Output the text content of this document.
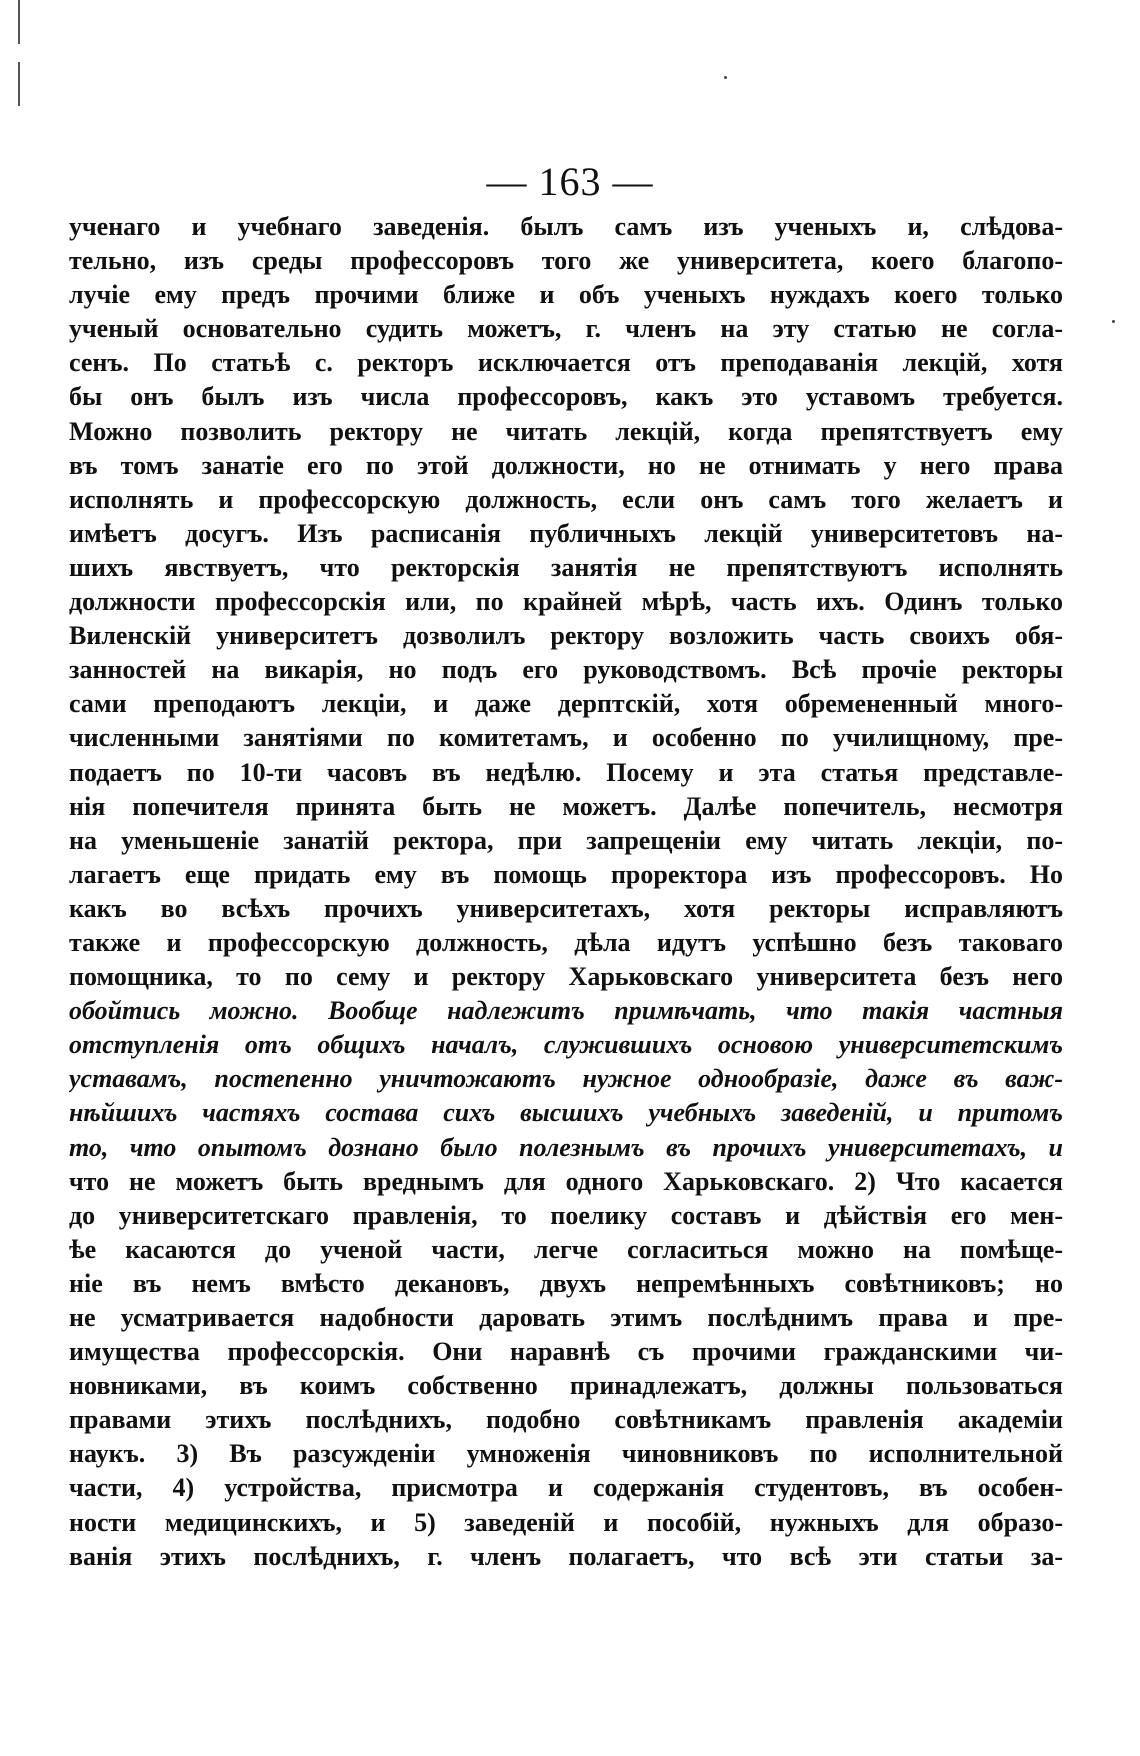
— 163 —
ученаго и учебнаго заведенія. былъ самъ изъ ученыхъ и, слѣдова-
тельно, изъ среды профессоровъ того же университета, коего благопо-
лучіе ему предъ прочими ближе и объ ученыхъ нуждахъ коего только
ученый основательно судить можетъ, г. членъ на эту статью не согла-
сенъ. По статьѣ с. ректоръ исключается отъ преподаванія лекцій, хотя
бы онъ былъ изъ числа профессоровъ, какъ это уставомъ требуется.
Можно позволить ректору не читать лекцій, когда препятствуетъ ему
въ томъ занатіе его по этой должности, но не отнимать у него права
исполнять и профессорскую должность, если онъ самъ того желаетъ и
имѣетъ досугъ. Изъ расписанія публичныхъ лекцій университетовъ на-
шихъ явствуетъ, что ректорскія занятія не препятствуютъ исполнять
должности профессорскія или, по крайней мѣрѣ, часть ихъ. Одинъ только
Виленскій университетъ дозволилъ ректору возложить часть своихъ обя-
занностей на викарія, но подъ его руководствомъ. Всѣ прочіе ректоры
сами преподаютъ лекціи, и даже дерптскій, хотя обремененный много-
численными занятіями по комитетамъ, и особенно по училищному, пре-
подаетъ по 10-ти часовъ въ недѣлю. Посему и эта статья представле-
нія попечителя принята быть не можетъ. Далѣе попечитель, несмотря
на уменьшеніе занатій ректора, при запрещеніи ему читать лекціи, по-
лагаетъ еще придать ему въ помощь проректора изъ профессоровъ. Но
какъ во всѣхъ прочихъ университетахъ, хотя ректоры исправляютъ
также и профессорскую должность, дѣла идутъ успѣшно безъ таковаго
помощника, то по сему и ректору Харьковскаго университета безъ него
обойтись можно. Вообще надлежитъ примѣчать, что такія частныя
отступленія отъ общихъ началъ, служившихъ основою университетскимъ
уставамъ, постепенно уничтожаютъ нужное однообразіе, даже въ важ-
нѣйшихъ частяхъ состава сихъ высшихъ учебныхъ заведеній, и притомъ
то, что опытомъ дознано было полезнымъ въ прочихъ университетахъ, и
что не можетъ быть вреднымъ для одного Харьковскаго. 2) Что касается
до университетскаго правленія, то поелику составъ и дѣйствія его мен-
ѣе касаются до ученой части, легче согласиться можно на помѣще-
ніе въ немъ вмѣсто декановъ, двухъ непремѣнныхъ совѣтниковъ; но
не усматривается надобности даровать этимъ послѣднимъ права и пре-
имущества профессорскія. Они наравнѣ съ прочими гражданскими чи-
новниками, въ коимъ собственно принадлежатъ, должны пользоваться
правами этихъ послѣднихъ, подобно совѣтникамъ правленія академіи
наукъ. 3) Въ разсужденіи умноженія чиновниковъ по исполнительной
части, 4) устройства, присмотра и содержанія студентовъ, въ особен-
ности медицинскихъ, и 5) заведеній и пособій, нужныхъ для образо-
ванія этихъ послѣднихъ, г. членъ полагаетъ, что всѣ эти статьи за-
